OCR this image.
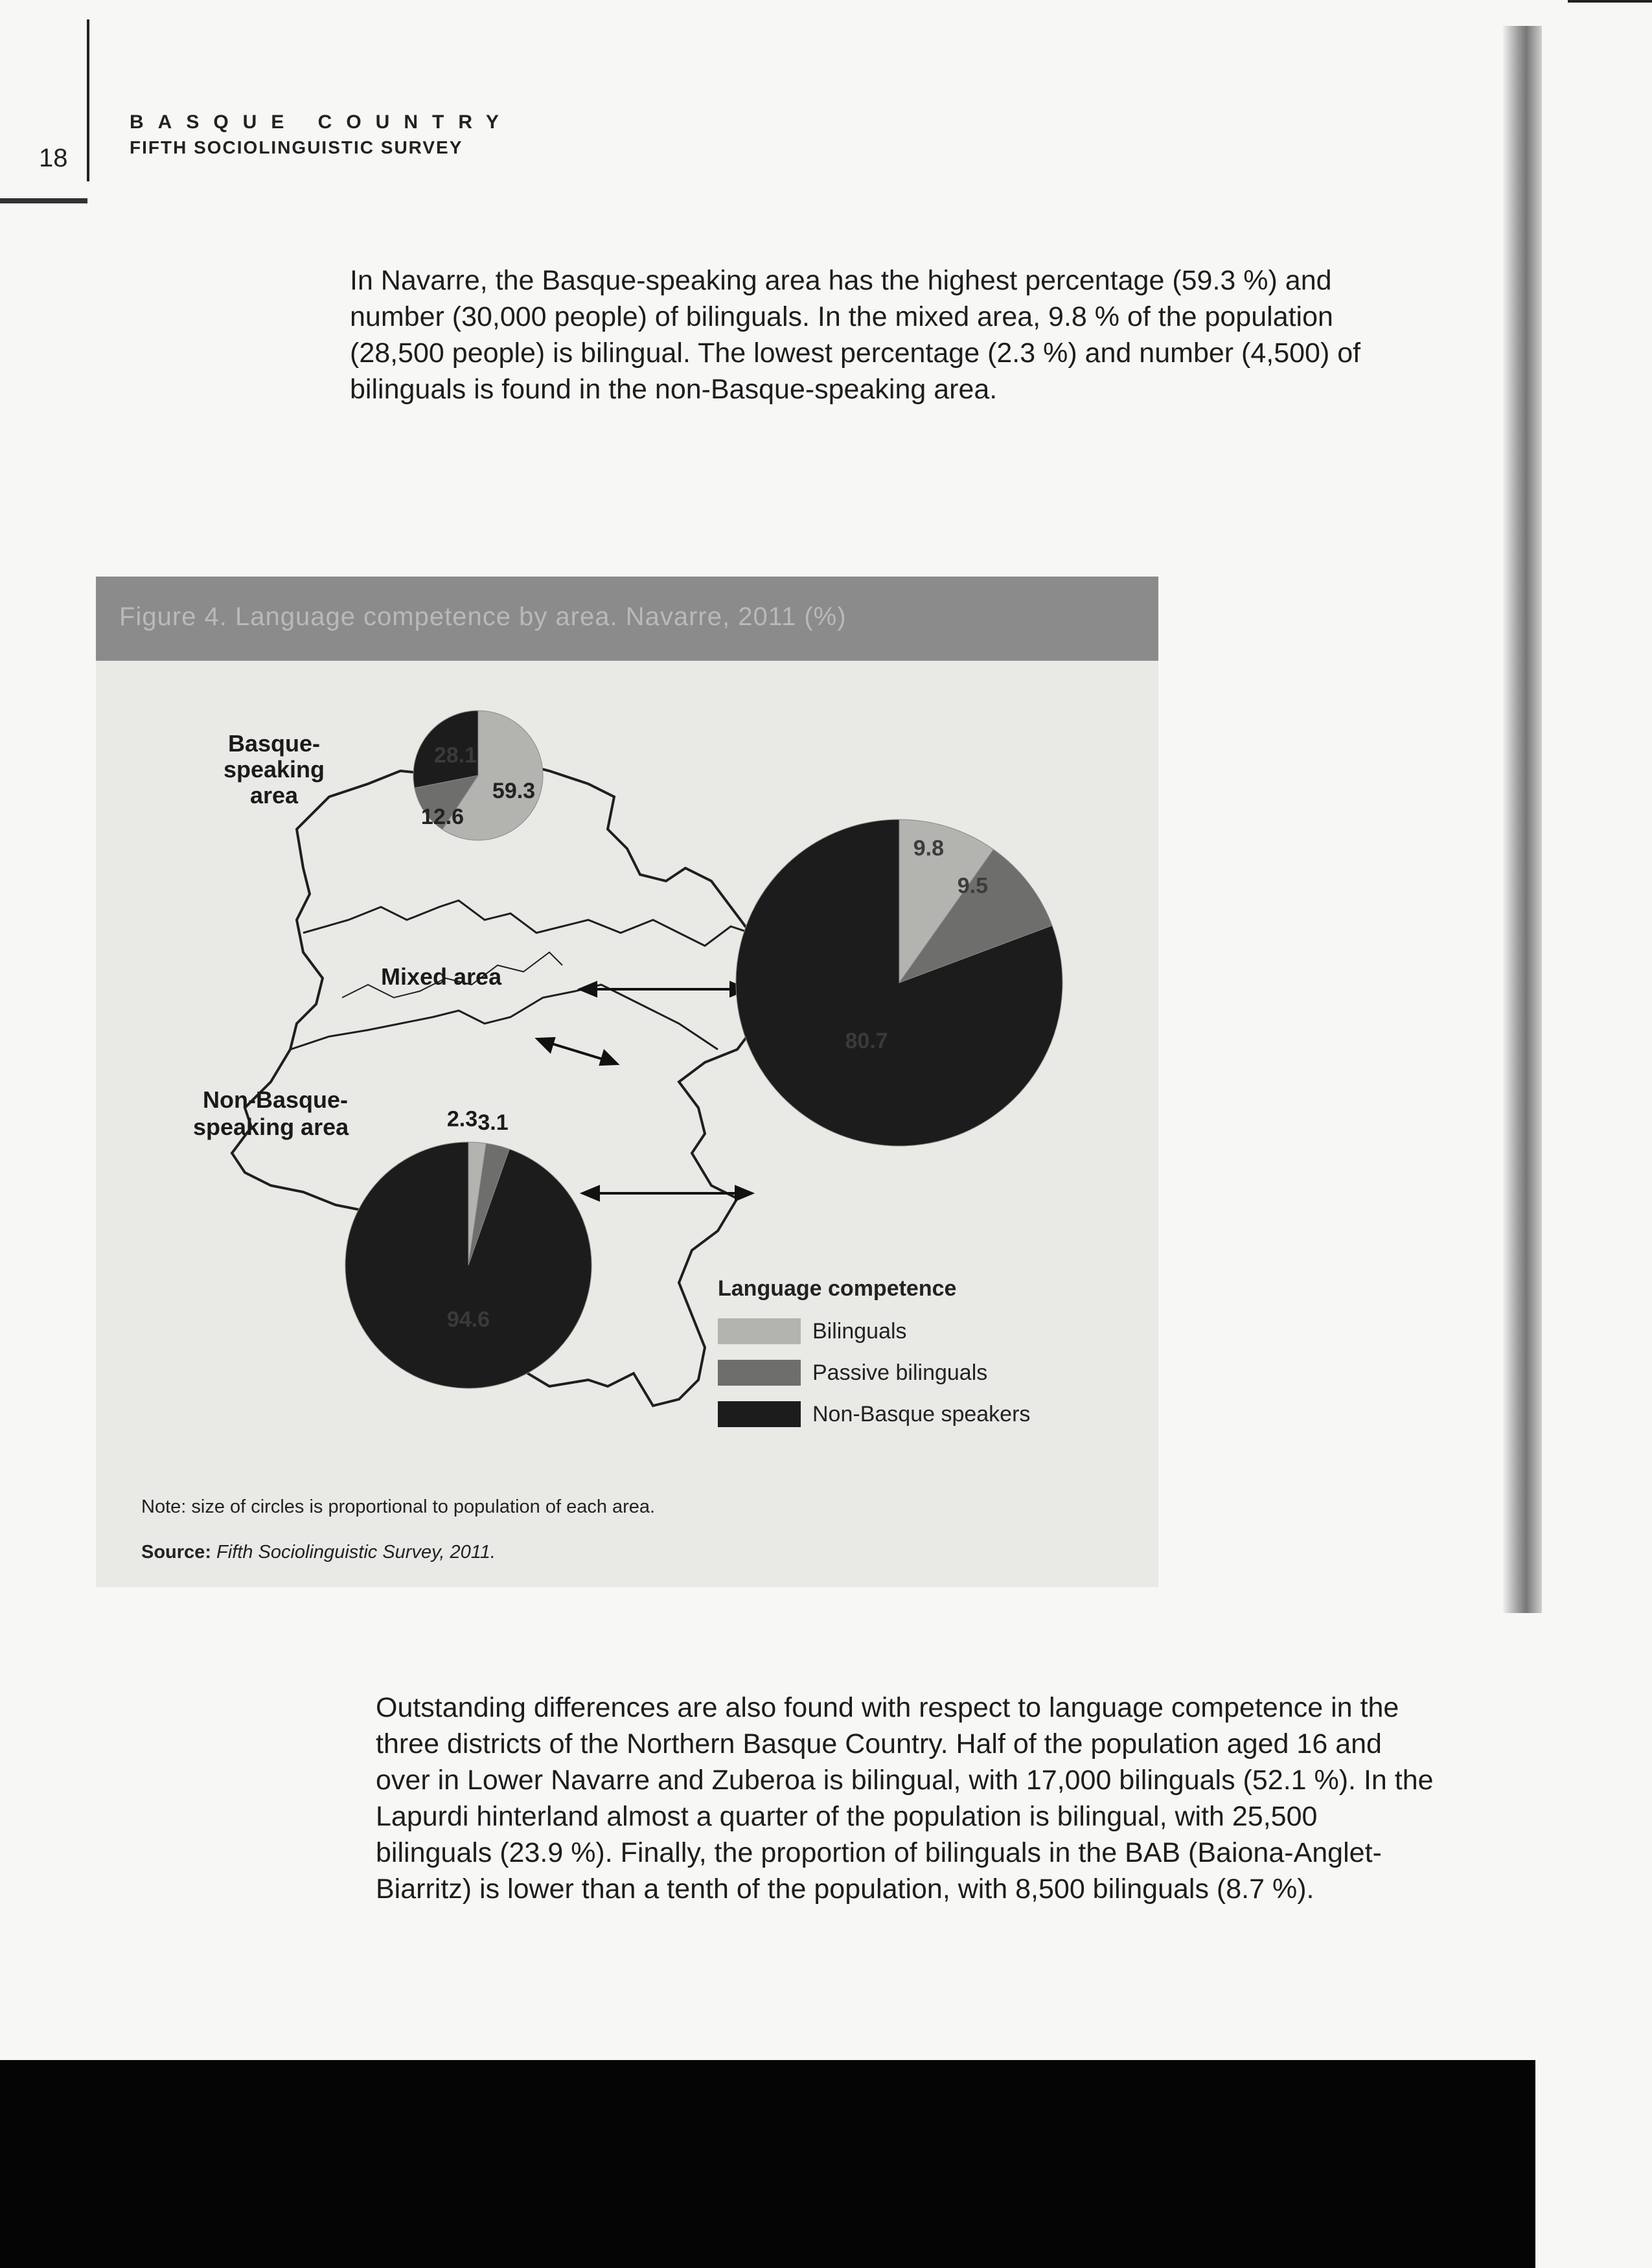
18
BASQUE COUNTRY
FIFTH SOCIOLINGUISTIC SURVEY

In Navarre, the Basque-speaking area has the highest percentage (59.3 %) and number (30,000 people) of bilinguals. In the mixed area, 9.8 % of the population (28,500 people) is bilingual. The lowest percentage (2.3 %) and number (4,500) of bilinguals is found in the non-Basque-speaking area.

Figure 4. Language competence by area. Navarre, 2011 (%)
59.3
12.6
28.1
9.8
9.5
80.7
2.3 3.1
94.6
Basque-
speaking
area
Mixed area
Non-Basque-
speaking area
Language competence
Bilinguals
Passive bilinguals
Non-Basque speakers
Note: size of circles is proportional to population of each area.
Source: Fifth Sociolinguistic Survey, 2011.

Outstanding differences are also found with respect to language competence in the three districts of the Northern Basque Country. Half of the population aged 16 and over in Lower Navarre and Zuberoa is bilingual, with 17,000 bilinguals (52.1 %). In the Lapurdi hinterland almost a quarter of the population is bilingual, with 25,500 bilinguals (23.9 %). Finally, the proportion of bilinguals in the BAB (Baiona-Anglet-Biarritz) is lower than a tenth of the population, with 8,500 bilinguals (8.7 %).
